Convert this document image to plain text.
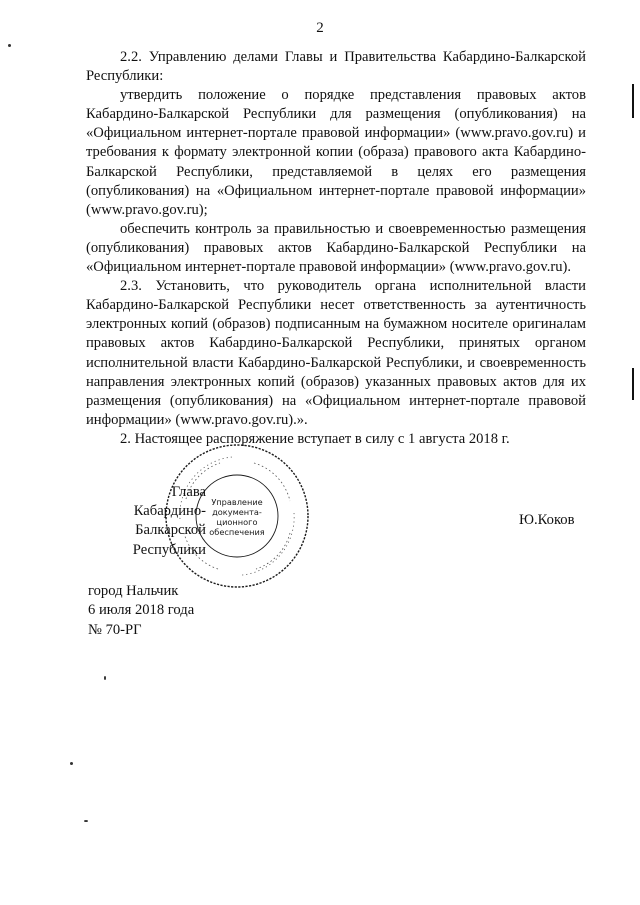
2

2.2. Управлению делами Главы и Правительства Кабардино-Балкарской Республики:

утвердить положение о порядке представления правовых актов Кабардино-Балкарской Республики для размещения (опубликования) на «Официальном интернет-портале правовой информации» (www.pravo.gov.ru) и требования к формату электронной копии (образа) правового акта Кабардино-Балкарской Республики, представляемой в целях его размещения (опубликования) на «Официальном интернет-портале правовой информации» (www.pravo.gov.ru);

обеспечить контроль за правильностью и своевременностью размещения (опубликования) правовых актов Кабардино-Балкарской Республики на «Официальном интернет-портале правовой информации» (www.pravo.gov.ru).

2.3. Установить, что руководитель органа исполнительной власти Кабардино-Балкарской Республики несет ответственность за аутентичность электронных копий (образов) подписанным на бумажном носителе оригиналам правовых актов Кабардино-Балкарской Республики, принятых органом исполнительной власти Кабардино-Балкарской Республики, и своевременность направления электронных копий (образов) указанных правовых актов для их размещения (опубликования) на «Официальном интернет-портале правовой информации» (www.pravo.gov.ru).».

2. Настоящее распоряжение вступает в силу с 1 августа 2018 г.

Управление
документа-
ционного
обеспечения
Глава
Кабардино-Балкарской
Республики
Ю.Коков
город Нальчик
6 июля 2018 года
№ 70-РГ
